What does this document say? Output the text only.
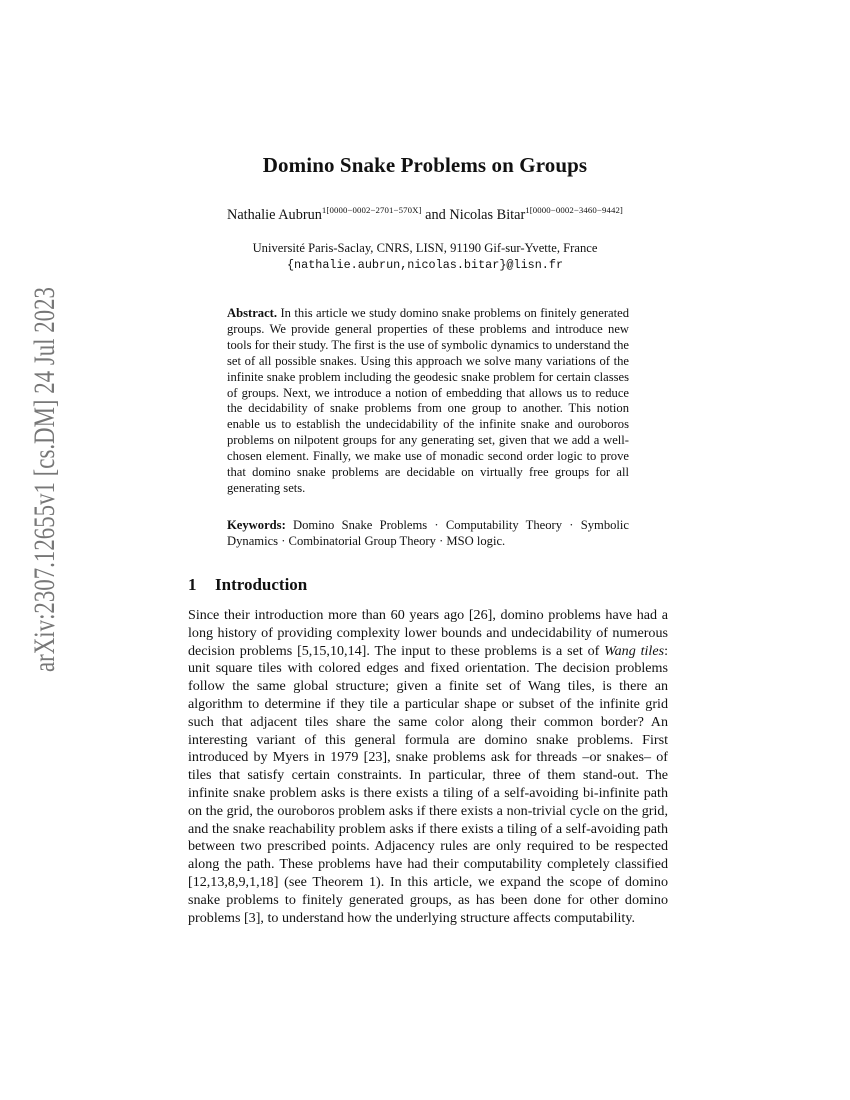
arXiv:2307.12655v1 [cs.DM] 24 Jul 2023
Domino Snake Problems on Groups
Nathalie Aubrun$^{1[0000-0002-2701-570X]}$ and Nicolas Bitar$^{1[0000-0002-3460-9442]}$
Université Paris-Saclay, CNRS, LISN, 91190 Gif-sur-Yvette, France
{nathalie.aubrun,nicolas.bitar}@lisn.fr
Abstract. In this article we study domino snake problems on finitely generated groups. We provide general properties of these problems and introduce new tools for their study. The first is the use of symbolic dynamics to understand the set of all possible snakes. Using this approach we solve many variations of the infinite snake problem including the geodesic snake problem for certain classes of groups. Next, we introduce a notion of embedding that allows us to reduce the decidability of snake problems from one group to another. This notion enable us to establish the undecidability of the infinite snake and ouroboros problems on nilpotent groups for any generating set, given that we add a well-chosen element. Finally, we make use of monadic second order logic to prove that domino snake problems are decidable on virtually free groups for all generating sets.
Keywords: Domino Snake Problems · Computability Theory · Symbolic Dynamics · Combinatorial Group Theory · MSO logic.
1 Introduction
Since their introduction more than 60 years ago [26], domino problems have had a long history of providing complexity lower bounds and undecidability of numerous decision problems [5,15,10,14]. The input to these problems is a set of Wang tiles: unit square tiles with colored edges and fixed orientation. The decision problems follow the same global structure; given a finite set of Wang tiles, is there an algorithm to determine if they tile a particular shape or subset of the infinite grid such that adjacent tiles share the same color along their common border? An interesting variant of this general formula are domino snake problems. First introduced by Myers in 1979 [23], snake problems ask for threads –or snakes– of tiles that satisfy certain constraints. In particular, three of them stand-out. The infinite snake problem asks is there exists a tiling of a self-avoiding bi-infinite path on the grid, the ouroboros problem asks if there exists a non-trivial cycle on the grid, and the snake reachability problem asks if there exists a tiling of a self-avoiding path between two prescribed points. Adjacency rules are only required to be respected along the path. These problems have had their computability completely classified [12,13,8,9,1,18] (see Theorem 1). In this article, we expand the scope of domino snake problems to finitely generated groups, as has been done for other domino problems [3], to understand how the underlying structure affects computability.
